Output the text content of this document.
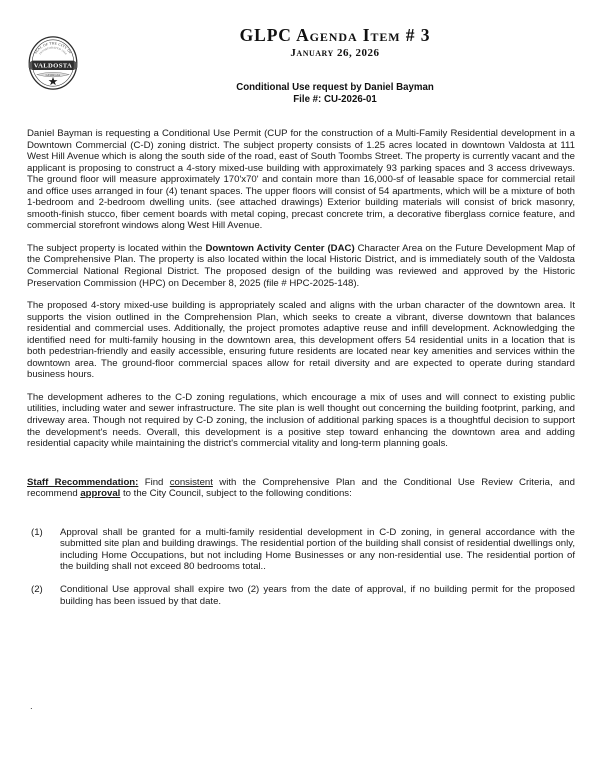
SEAL OF THE CITY OF
INCORPORATED 1860
VALDOSTA
GEORGIA
GLPC Agenda Item # 3
January 26, 2026
Conditional Use request by Daniel Bayman
File #: CU-2026-01

Daniel Bayman is requesting a Conditional Use Permit (CUP for the construction of a Multi-Family Residential development in a Downtown Commercial (C-D) zoning district. The subject property consists of 1.25 acres located in downtown Valdosta at 111 West Hill Avenue which is along the south side of the road, east of South Toombs Street. The property is currently vacant and the applicant is proposing to construct a 4-story mixed-use building with approximately 93 parking spaces and 3 access driveways. The ground floor will measure approximately 170'x70' and contain more than 16,000-sf of leasable space for commercial retail and office uses arranged in four (4) tenant spaces. The upper floors will consist of 54 apartments, which will be a mixture of both 1-bedroom and 2-bedroom dwelling units. (see attached drawings) Exterior building materials will consist of brick masonry, smooth-finish stucco, fiber cement boards with metal coping, precast concrete trim, a decorative fiberglass cornice feature, and commercial storefront windows along West Hill Avenue.

The subject property is located within the Downtown Activity Center (DAC) Character Area on the Future Development Map of the Comprehensive Plan. The property is also located within the local Historic District, and is immediately south of the Valdosta Commercial National Regional District. The proposed design of the building was reviewed and approved by the Historic Preservation Commission (HPC) on December 8, 2025 (file # HPC-2025-148).

The proposed 4-story mixed-use building is appropriately scaled and aligns with the urban character of the downtown area. It supports the vision outlined in the Comprehension Plan, which seeks to create a vibrant, diverse downtown that balances residential and commercial uses. Additionally, the project promotes adaptive reuse and infill development. Acknowledging the identified need for multi-family housing in the downtown area, this development offers 54 residential units in a location that is both pedestrian-friendly and easily accessible, ensuring future residents are located near key amenities and services within the downtown area. The ground-floor commercial spaces allow for retail diversity and are expected to operate during standard business hours.

The development adheres to the C-D zoning regulations, which encourage a mix of uses and will connect to existing public utilities, including water and sewer infrastructure. The site plan is well thought out concerning the building footprint, parking, and driveway area. Though not required by C-D zoning, the inclusion of additional parking spaces is a thoughtful decision to support the development's needs. Overall, this development is a positive step toward enhancing the downtown area and adding residential capacity while maintaining the district's commercial vitality and long-term planning goals.

Staff Recommendation: Find consistent with the Comprehensive Plan and the Conditional Use Review Criteria, and recommend approval to the City Council, subject to the following conditions:

(1)	Approval shall be granted for a multi-family residential development in C-D zoning, in general accordance with the submitted site plan and building drawings. The residential portion of the building shall consist of residential dwellings only, including Home Occupations, but not including Home Businesses or any non-residential use. The residential portion of the building shall not exceed 80 bedrooms total..
(2)	Conditional Use approval shall expire two (2) years from the date of approval, if no building permit for the proposed building has been issued by that date.
.
